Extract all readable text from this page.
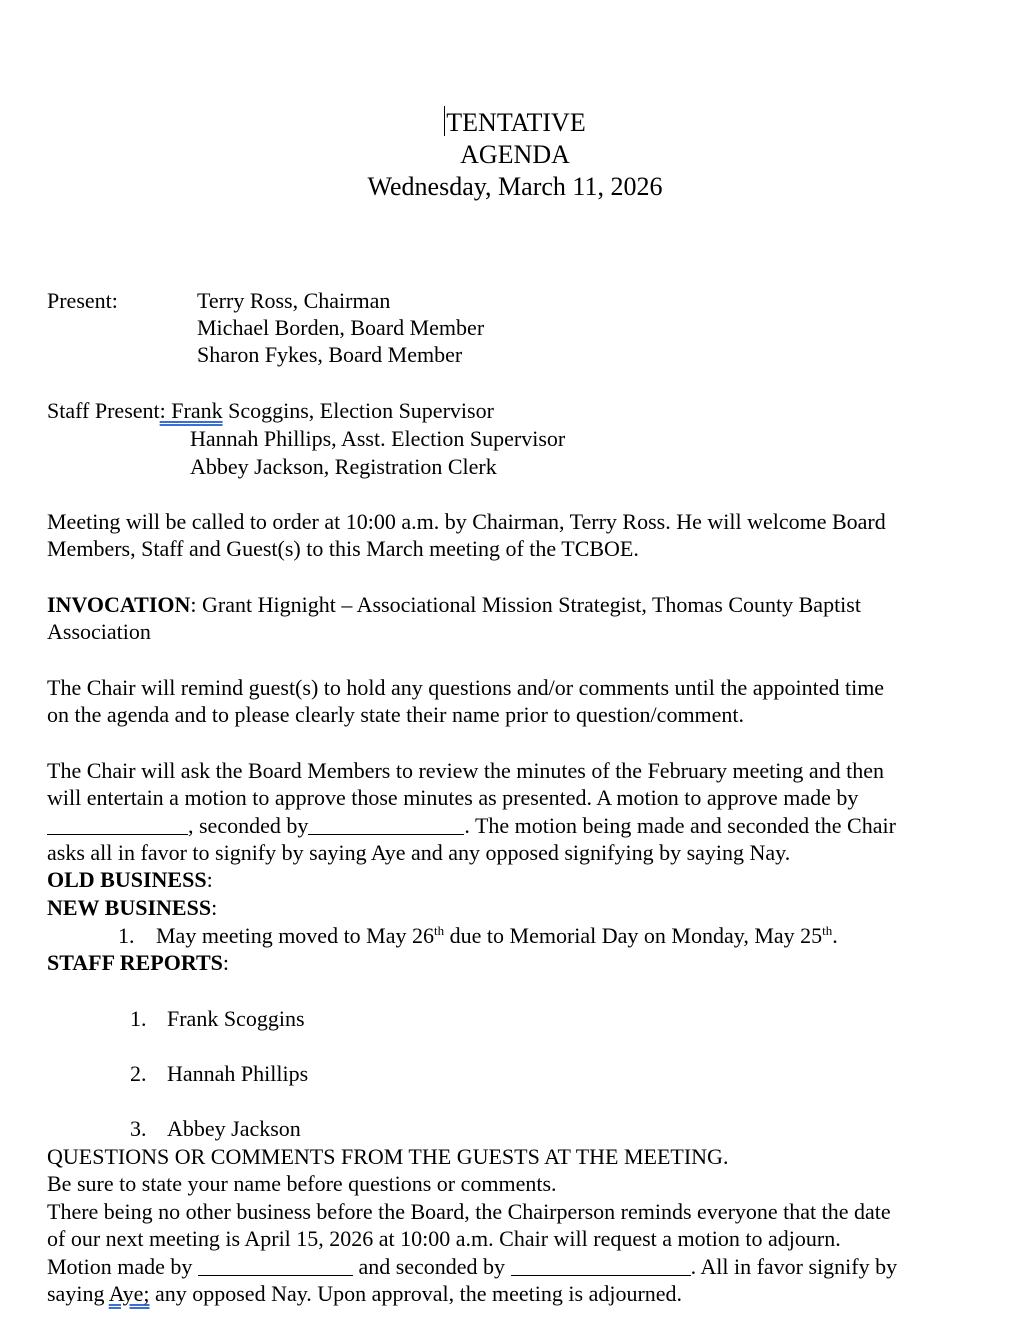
TENTATIVE
AGENDA
Wednesday, March 11, 2026
Present:	Terry Ross, Chairman
Michael Borden, Board Member
Sharon Fykes, Board Member
Staff Present: Frank Scoggins, Election Supervisor
Hannah Phillips, Asst. Election Supervisor
Abbey Jackson, Registration Clerk
Meeting will be called to order at 10:00 a.m. by Chairman, Terry Ross. He will welcome Board
Members, Staff and Guest(s) to this March meeting of the TCBOE.
INVOCATION: Grant Hignight – Associational Mission Strategist, Thomas County Baptist
Association
The Chair will remind guest(s) to hold any questions and/or comments until the appointed time
on the agenda and to please clearly state their name prior to question/comment.
The Chair will ask the Board Members to review the minutes of the February meeting and then
will entertain a motion to approve those minutes as presented. A motion to approve made by
, seconded by	. The motion being made and seconded the Chair
asks all in favor to signify by saying Aye and any opposed signifying by saying Nay.
OLD BUSINESS:
NEW BUSINESS:
1. May meeting moved to May 26th due to Memorial Day on Monday, May 25th.
STAFF REPORTS:
1. Frank Scoggins
2. Hannah Phillips
3. Abbey Jackson
QUESTIONS OR COMMENTS FROM THE GUESTS AT THE MEETING.
Be sure to state your name before questions or comments.
There being no other business before the Board, the Chairperson reminds everyone that the date
of our next meeting is April 15, 2026 at 10:00 a.m. Chair will request a motion to adjourn.
Motion made by	and seconded by	. All in favor signify by
saying Aye; any opposed Nay. Upon approval, the meeting is adjourned.
